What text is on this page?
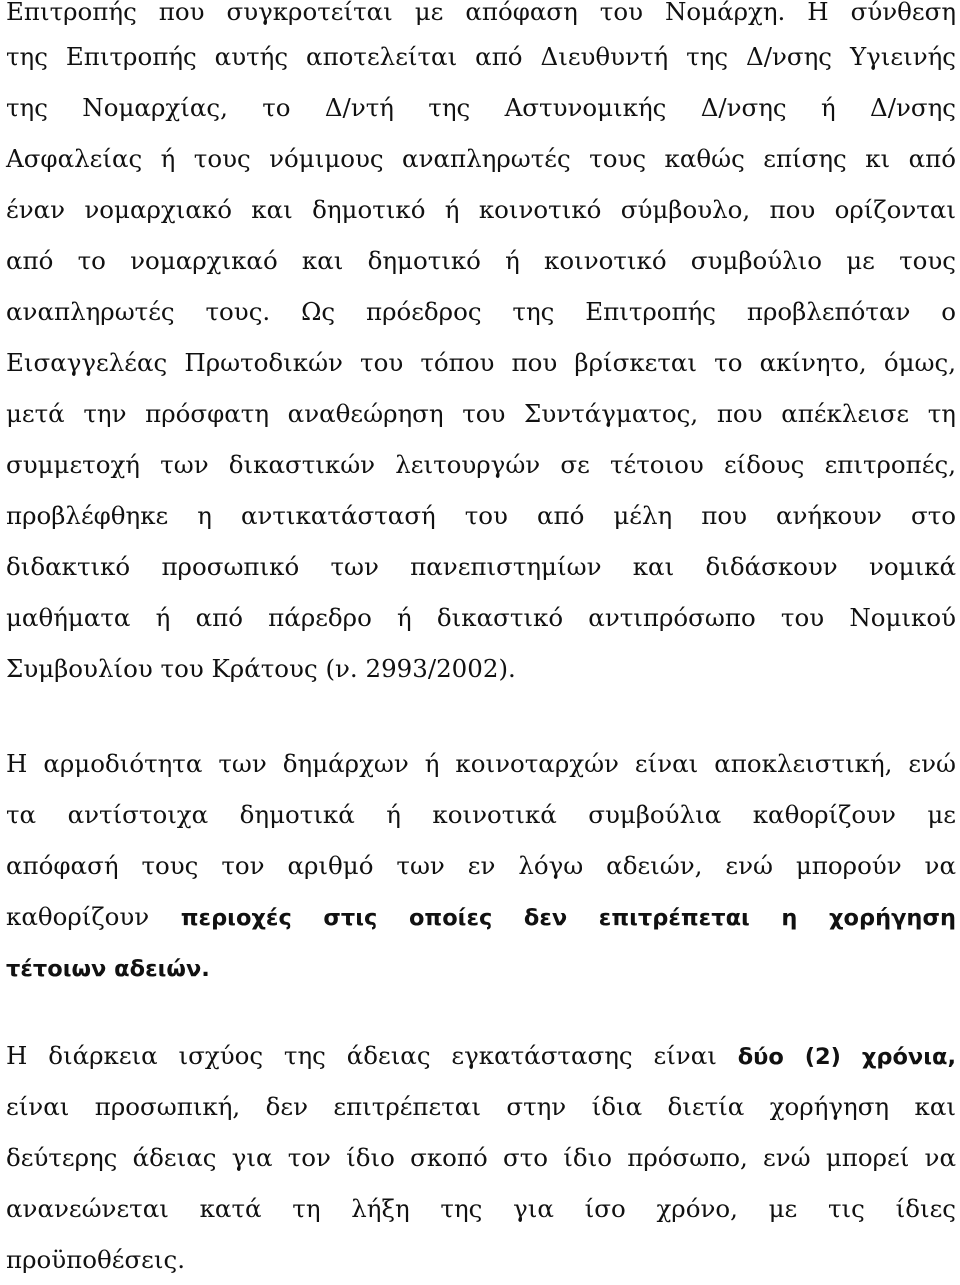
Επιτροπής που συγκροτείται με απόφαση του Νομάρχη. Η σύνθεση
της Επιτροπής αυτής αποτελείται από Διευθυντή της Δ/νσης Υγιεινής
της Νομαρχίας, το Δ/ντή της Αστυνομικής Δ/νσης ή Δ/νσης
Ασφαλείας ή τους νόμιμους αναπληρωτές τους καθώς επίσης κι από
έναν νομαρχιακό και δημοτικό ή κοινοτικό σύμβουλο, που ορίζονται
από το νομαρχικαό και δημοτικό ή κοινοτικό συμβούλιο με τους
αναπληρωτές τους. Ως πρόεδρος της Επιτροπής προβλεπόταν ο
Εισαγγελέας Πρωτοδικών του τόπου που βρίσκεται το ακίνητο, όμως,
μετά την πρόσφατη αναθεώρηση του Συντάγματος, που απέκλεισε τη
συμμετοχή των δικαστικών λειτουργών σε τέτοιου είδους επιτροπές,
προβλέφθηκε η αντικατάστασή του από μέλη που ανήκουν στο
διδακτικό προσωπικό των πανεπιστημίων και διδάσκουν νομικά
μαθήματα ή από πάρεδρο ή δικαστικό αντιπρόσωπο του Νομικού
Συμβουλίου του Κράτους (ν. 2993/2002).
Η αρμοδιότητα των δημάρχων ή κοινοταρχών είναι αποκλειστική, ενώ
τα αντίστοιχα δημοτικά ή κοινοτικά συμβούλια καθορίζουν με
απόφασή τους τον αριθμό των εν λόγω αδειών, ενώ μπορούν να
καθορίζουν περιοχές στις οποίες δεν επιτρέπεται η χορήγηση
τέτοιων αδειών.
Η διάρκεια ισχύος της άδειας εγκατάστασης είναι δύο (2) χρόνια,
είναι προσωπική, δεν επιτρέπεται στην ίδια διετία χορήγηση και
δεύτερης άδειας για τον ίδιο σκοπό στο ίδιο πρόσωπο, ενώ μπορεί να
ανανεώνεται κατά τη λήξη της για ίσο χρόνο, με τις ίδιες
προϋποθέσεις.
